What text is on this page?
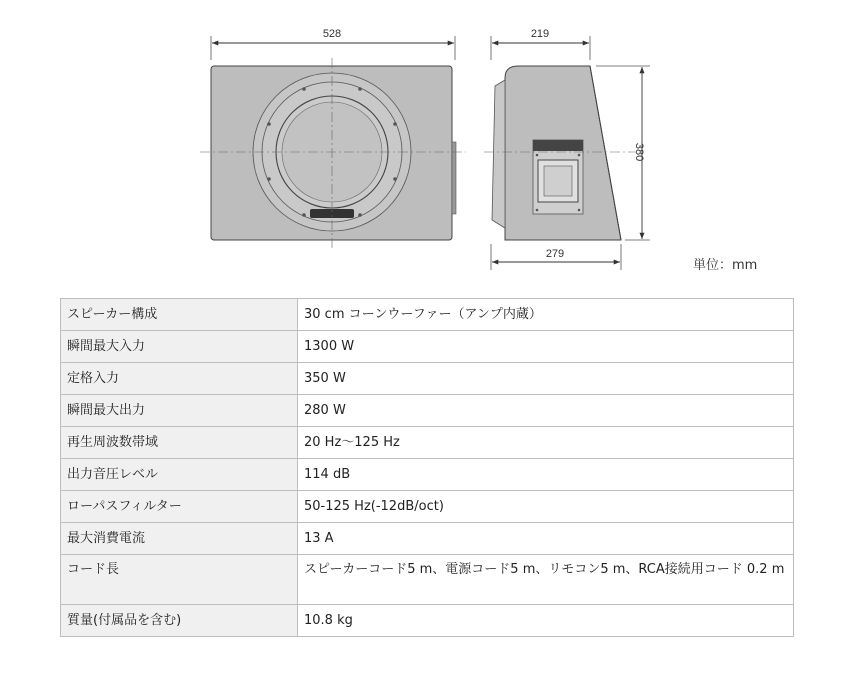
528	219
380
279
単位：mm
スピーカー構成	30 cm コーンウーファー（アンプ内蔵）
瞬間最大入力	1300 W
定格入力	350 W
瞬間最大出力	280 W
再生周波数帯域	20 Hz～125 Hz
出力音圧レベル	114 dB
ローパスフィルター	50-125 Hz(-12dB/oct)
最大消費電流	13 A
コード長	スピーカーコード5 m、電源コード5 m、リモコン5 m、RCA接続用コード 0.2 m
質量(付属品を含む)	10.8 kg
